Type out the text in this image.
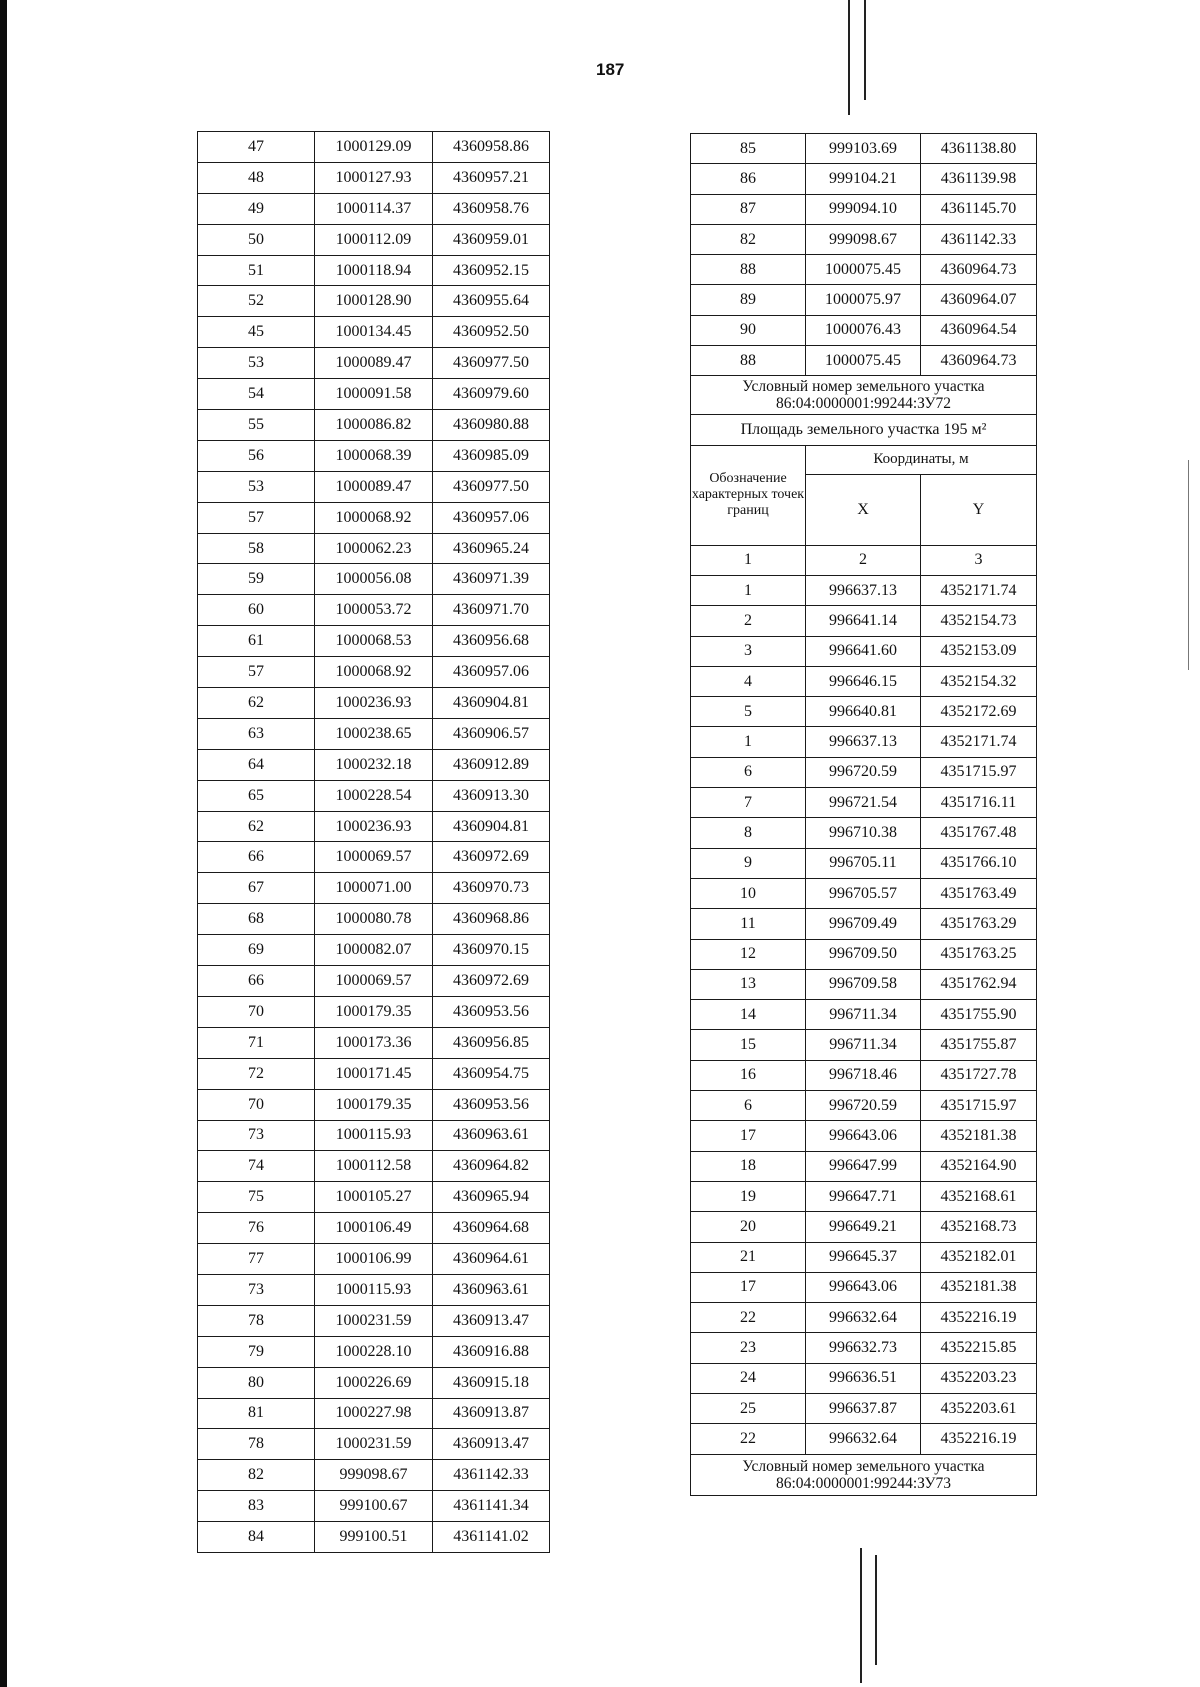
187
47	1000129.09	4360958.86
48	1000127.93	4360957.21
49	1000114.37	4360958.76
50	1000112.09	4360959.01
51	1000118.94	4360952.15
52	1000128.90	4360955.64
45	1000134.45	4360952.50
53	1000089.47	4360977.50
54	1000091.58	4360979.60
55	1000086.82	4360980.88
56	1000068.39	4360985.09
53	1000089.47	4360977.50
57	1000068.92	4360957.06
58	1000062.23	4360965.24
59	1000056.08	4360971.39
60	1000053.72	4360971.70
61	1000068.53	4360956.68
57	1000068.92	4360957.06
62	1000236.93	4360904.81
63	1000238.65	4360906.57
64	1000232.18	4360912.89
65	1000228.54	4360913.30
62	1000236.93	4360904.81
66	1000069.57	4360972.69
67	1000071.00	4360970.73
68	1000080.78	4360968.86
69	1000082.07	4360970.15
66	1000069.57	4360972.69
70	1000179.35	4360953.56
71	1000173.36	4360956.85
72	1000171.45	4360954.75
70	1000179.35	4360953.56
73	1000115.93	4360963.61
74	1000112.58	4360964.82
75	1000105.27	4360965.94
76	1000106.49	4360964.68
77	1000106.99	4360964.61
73	1000115.93	4360963.61
78	1000231.59	4360913.47
79	1000228.10	4360916.88
80	1000226.69	4360915.18
81	1000227.98	4360913.87
78	1000231.59	4360913.47
82	999098.67	4361142.33
83	999100.67	4361141.34
84	999100.51	4361141.02
85	999103.69	4361138.80
86	999104.21	4361139.98
87	999094.10	4361145.70
82	999098.67	4361142.33
88	1000075.45	4360964.73
89	1000075.97	4360964.07
90	1000076.43	4360964.54
88	1000075.45	4360964.73
Условный номер земельного участка 86:04:0000001:99244:ЗУ72		
Площадь земельного участка 195 м²		
Обозначение характерных точек границ	Координаты, м	
	X	Y
1	2	3
1	996637.13	4352171.74
2	996641.14	4352154.73
3	996641.60	4352153.09
4	996646.15	4352154.32
5	996640.81	4352172.69
1	996637.13	4352171.74
6	996720.59	4351715.97
7	996721.54	4351716.11
8	996710.38	4351767.48
9	996705.11	4351766.10
10	996705.57	4351763.49
11	996709.49	4351763.29
12	996709.50	4351763.25
13	996709.58	4351762.94
14	996711.34	4351755.90
15	996711.34	4351755.87
16	996718.46	4351727.78
6	996720.59	4351715.97
17	996643.06	4352181.38
18	996647.99	4352164.90
19	996647.71	4352168.61
20	996649.21	4352168.73
21	996645.37	4352182.01
17	996643.06	4352181.38
22	996632.64	4352216.19
23	996632.73	4352215.85
24	996636.51	4352203.23
25	996637.87	4352203.61
22	996632.64	4352216.19
Условный номер земельного участка 86:04:0000001:99244:ЗУ73		
